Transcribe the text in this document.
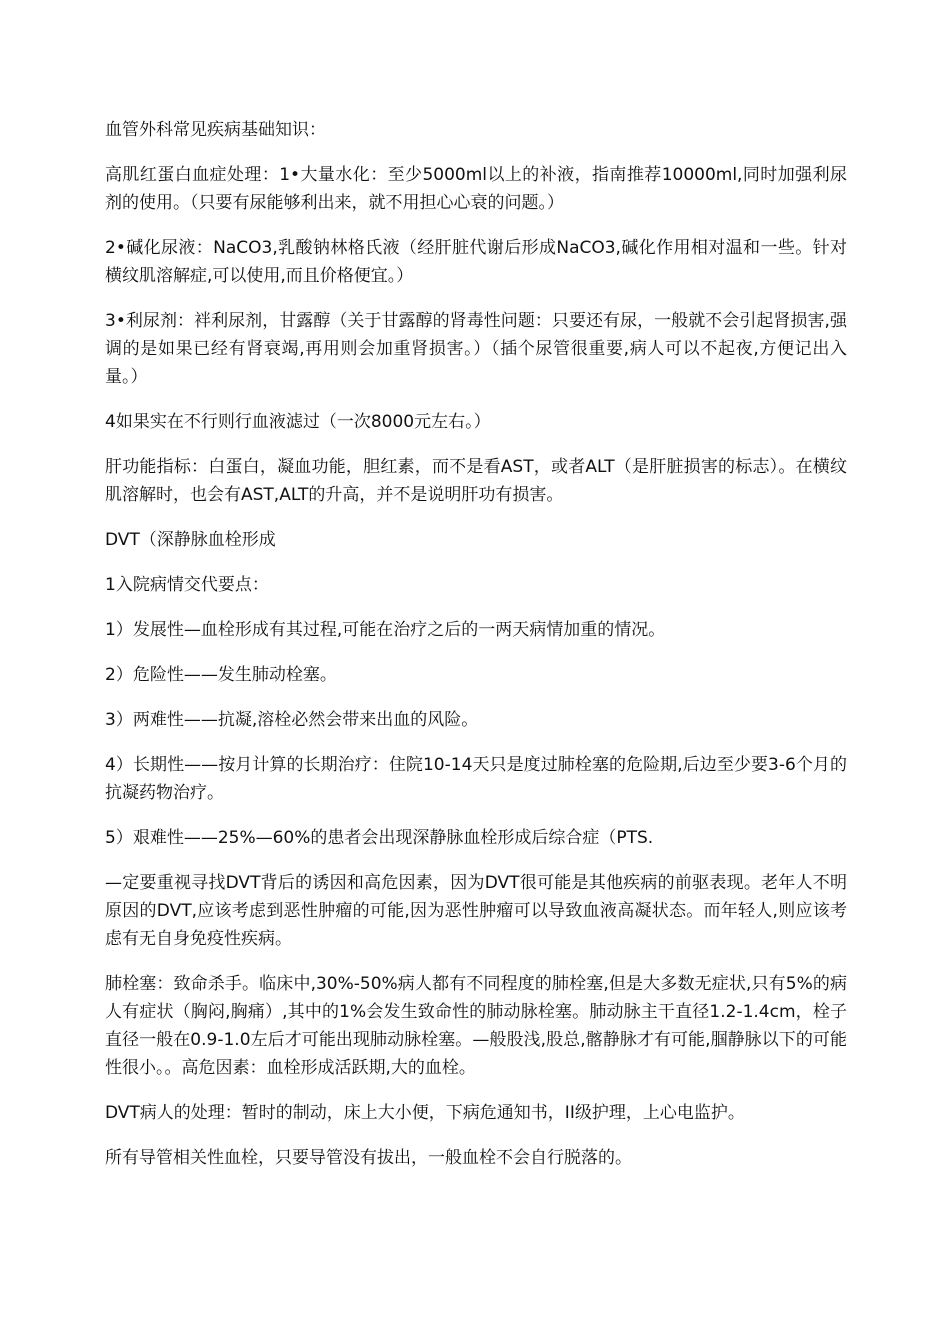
血管外科常见疾病基础知识：

高肌红蛋白血症处理：1•大量水化：至少5000ml以上的补液，指南推荐10000ml,同时加强利尿剂的使用。（只要有尿能够利出来，就不用担心心衰的问题。）

2•碱化尿液：NaCO3,乳酸钠林格氏液（经肝脏代谢后形成NaCO3,碱化作用相对温和一些。针对横纹肌溶解症,可以使用,而且价格便宜。）

3•利尿剂：袢利尿剂，甘露醇（关于甘露醇的肾毒性问题：只要还有尿，一般就不会引起肾损害,强调的是如果已经有肾衰竭,再用则会加重肾损害。）（插个尿管很重要,病人可以不起夜,方便记出入量。）

4如果实在不行则行血液滤过（一次8000元左右。）

肝功能指标：白蛋白，凝血功能，胆红素，而不是看AST，或者ALT（是肝脏损害的标志）。在横纹肌溶解时，也会有AST,ALT的升高，并不是说明肝功有损害。

DVT（深静脉血栓形成

1入院病情交代要点：

1）发展性—血栓形成有其过程,可能在治疗之后的一两天病情加重的情况。

2）危险性——发生肺动栓塞。

3）两难性——抗凝,溶栓必然会带来出血的风险。

4）长期性——按月计算的长期治疗：住院10-14天只是度过肺栓塞的危险期,后边至少要3-6个月的抗凝药物治疗。

5）艰难性——25%—60%的患者会出现深静脉血栓形成后综合症（PTS.

—定要重视寻找DVT背后的诱因和高危因素，因为DVT很可能是其他疾病的前驱表现。老年人不明原因的DVT,应该考虑到恶性肿瘤的可能,因为恶性肿瘤可以导致血液高凝状态。而年轻人,则应该考虑有无自身免疫性疾病。

肺栓塞：致命杀手。临床中,30%-50%病人都有不同程度的肺栓塞,但是大多数无症状,只有5%的病人有症状（胸闷,胸痛）,其中的1%会发生致命性的肺动脉栓塞。肺动脉主干直径1.2-1.4cm，栓子直径一般在0.9-1.0左后才可能出现肺动脉栓塞。—般股浅,股总,髂静脉才有可能,腘静脉以下的可能性很小。。高危因素：血栓形成活跃期,大的血栓。

DVT病人的处理：暂时的制动，床上大小便，下病危通知书，II级护理，上心电监护。

所有导管相关性血栓，只要导管没有拔出，一般血栓不会自行脱落的。
